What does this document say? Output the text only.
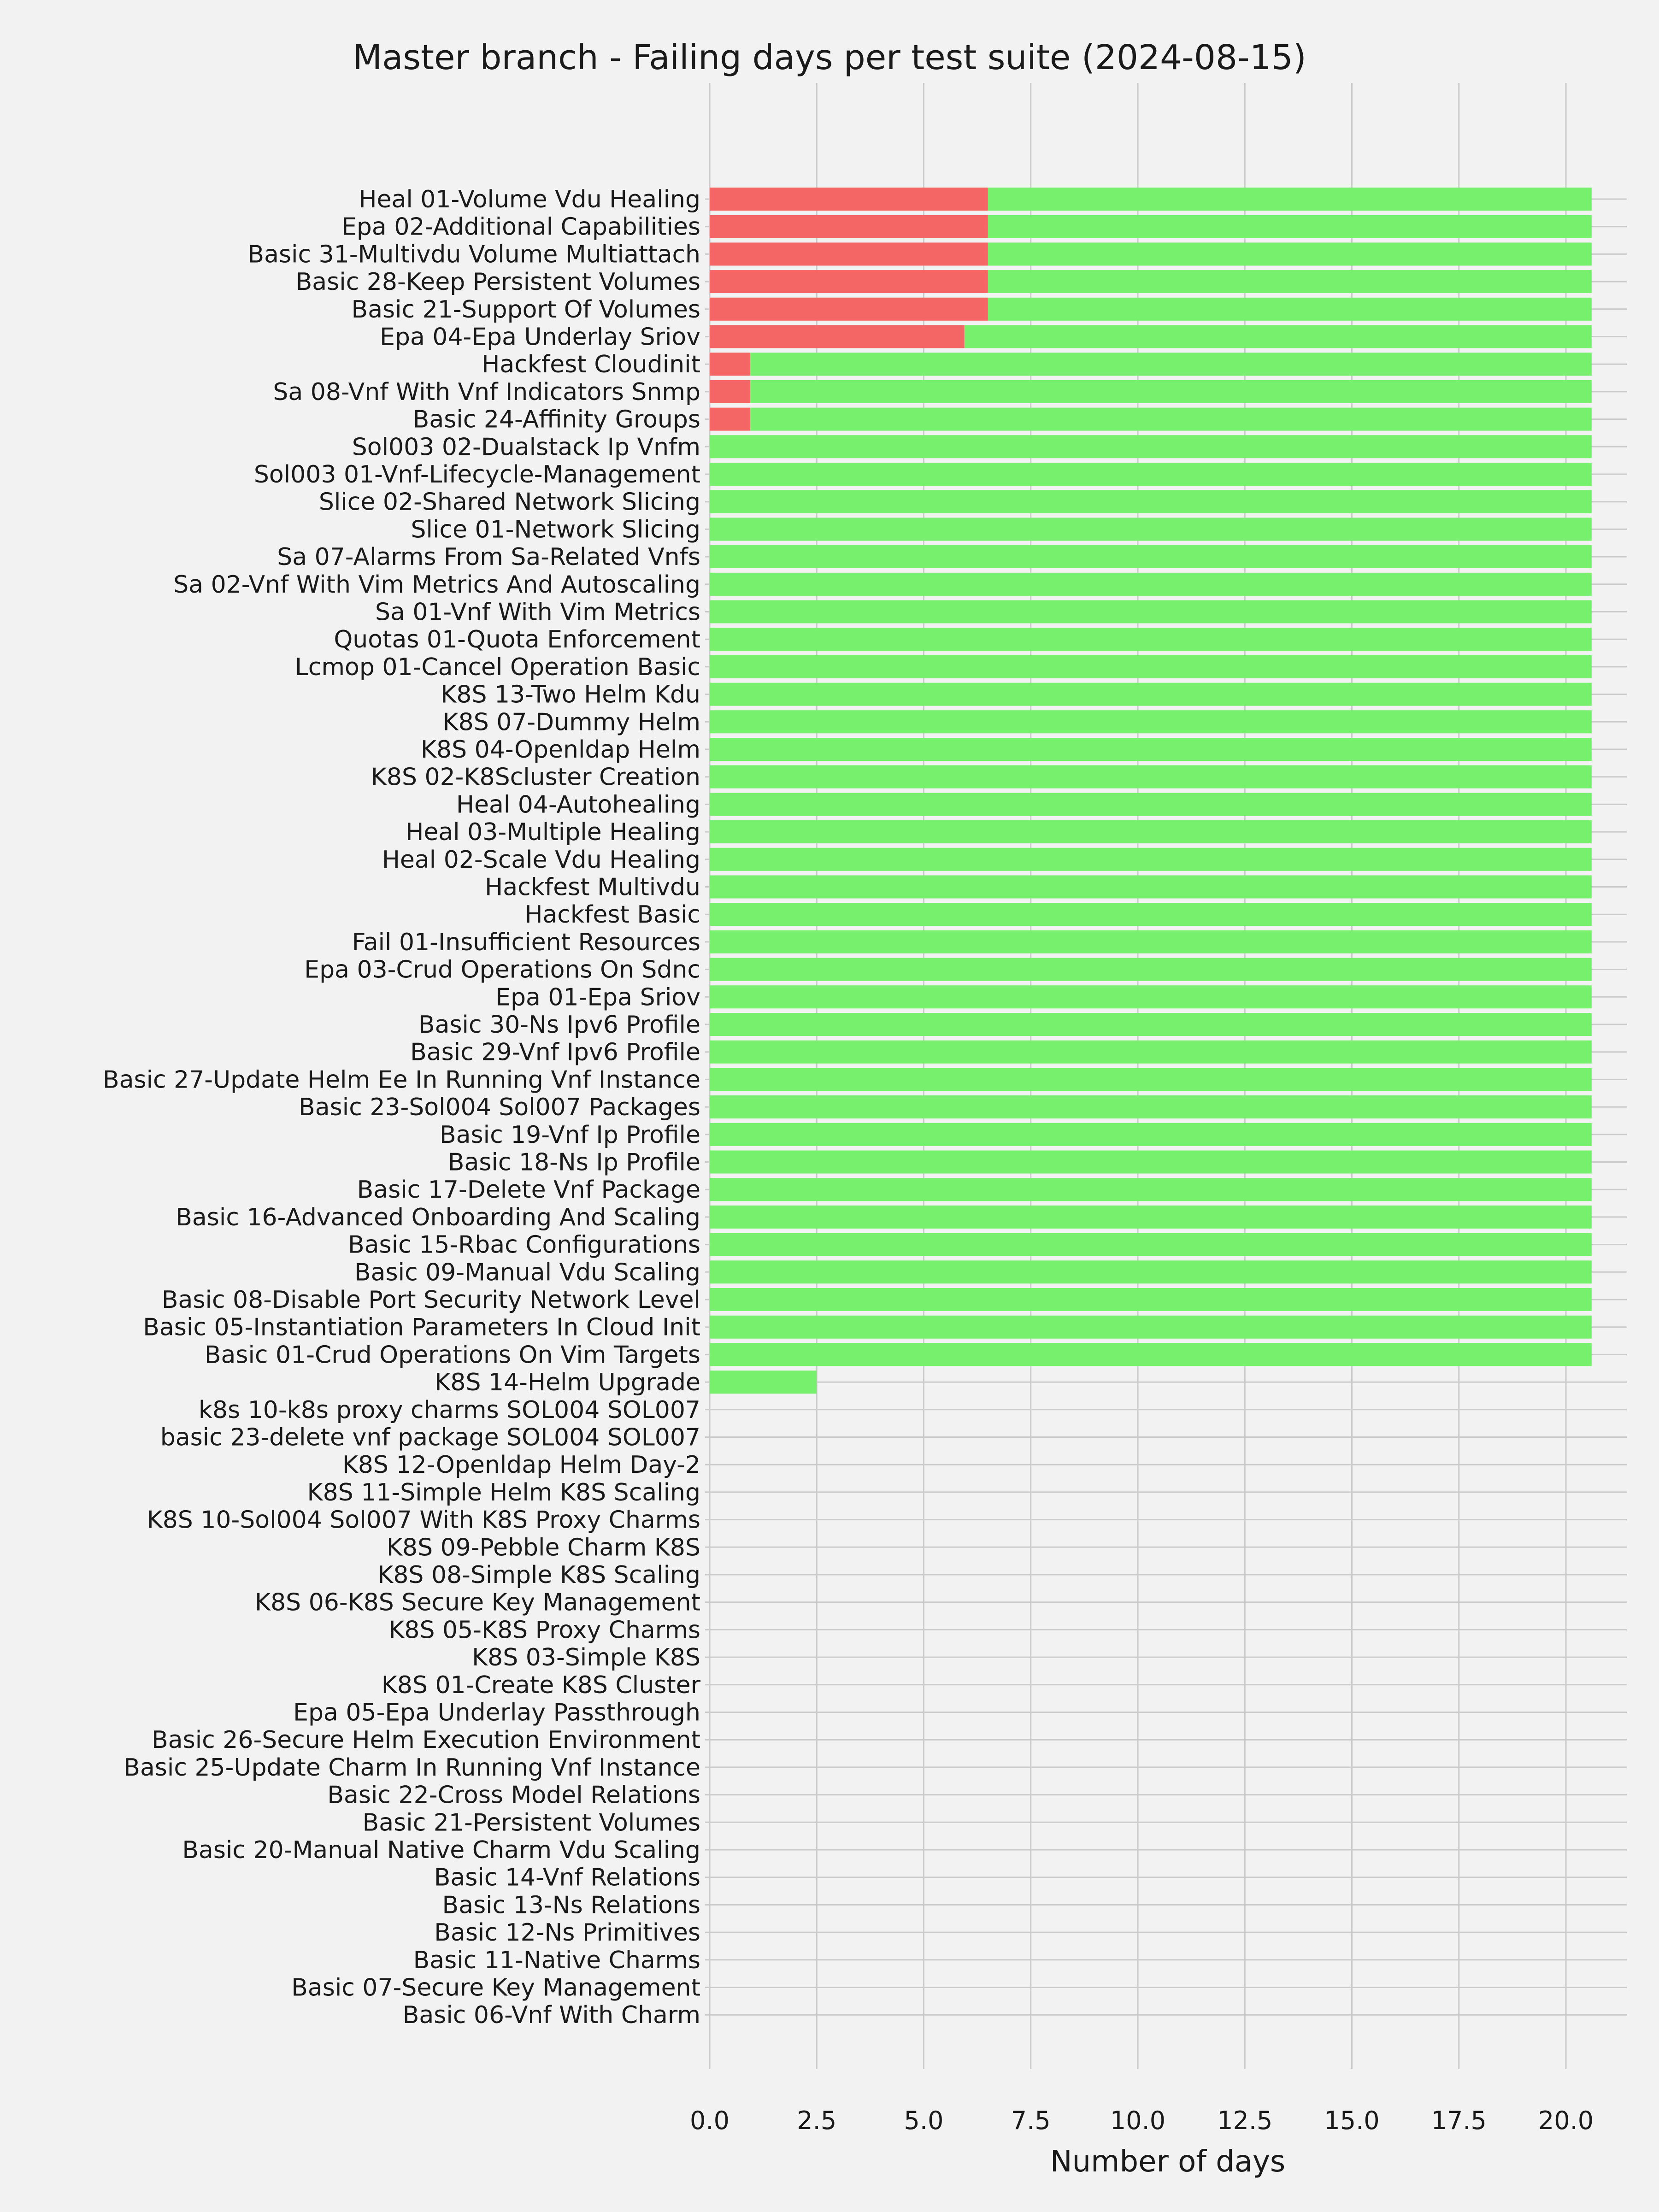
Heal 01-Volume Vdu Healing
Epa 02-Additional Capabilities
Basic 31-Multivdu Volume Multiattach
Basic 28-Keep Persistent Volumes
Basic 21-Support Of Volumes
Epa 04-Epa Underlay Sriov
Hackfest Cloudinit
Sa 08-Vnf With Vnf Indicators Snmp
Basic 24-Affinity Groups
Sol003 02-Dualstack Ip Vnfm
Sol003 01-Vnf-Lifecycle-Management
Slice 02-Shared Network Slicing
Slice 01-Network Slicing
Sa 07-Alarms From Sa-Related Vnfs
Sa 02-Vnf With Vim Metrics And Autoscaling
Sa 01-Vnf With Vim Metrics
Quotas 01-Quota Enforcement
Lcmop 01-Cancel Operation Basic
K8S 13-Two Helm Kdu
K8S 07-Dummy Helm
K8S 04-Openldap Helm
K8S 02-K8Scluster Creation
Heal 04-Autohealing
Heal 03-Multiple Healing
Heal 02-Scale Vdu Healing
Hackfest Multivdu
Hackfest Basic
Fail 01-Insufficient Resources
Epa 03-Crud Operations On Sdnc
Epa 01-Epa Sriov
Basic 30-Ns Ipv6 Profile
Basic 29-Vnf Ipv6 Profile
Basic 27-Update Helm Ee In Running Vnf Instance
Basic 23-Sol004 Sol007 Packages
Basic 19-Vnf Ip Profile
Basic 18-Ns Ip Profile
Basic 17-Delete Vnf Package
Basic 16-Advanced Onboarding And Scaling
Basic 15-Rbac Configurations
Basic 09-Manual Vdu Scaling
Basic 08-Disable Port Security Network Level
Basic 05-Instantiation Parameters In Cloud Init
Basic 01-Crud Operations On Vim Targets
K8S 14-Helm Upgrade
k8s 10-k8s proxy charms SOL004 SOL007
basic 23-delete vnf package SOL004 SOL007
K8S 12-Openldap Helm Day-2
K8S 11-Simple Helm K8S Scaling
K8S 10-Sol004 Sol007 With K8S Proxy Charms
K8S 09-Pebble Charm K8S
K8S 08-Simple K8S Scaling
K8S 06-K8S Secure Key Management
K8S 05-K8S Proxy Charms
K8S 03-Simple K8S
K8S 01-Create K8S Cluster
Epa 05-Epa Underlay Passthrough
Basic 26-Secure Helm Execution Environment
Basic 25-Update Charm In Running Vnf Instance
Basic 22-Cross Model Relations
Basic 21-Persistent Volumes
Basic 20-Manual Native Charm Vdu Scaling
Basic 14-Vnf Relations
Basic 13-Ns Relations
Basic 12-Ns Primitives
Basic 11-Native Charms
Basic 07-Secure Key Management
Basic 06-Vnf With Charm
0.0	2.5	5.0	7.5 10.0 12.5 15.0 17.5 20.0
Master branch - Failing days per test suite (2024-08-15)
Number of days
